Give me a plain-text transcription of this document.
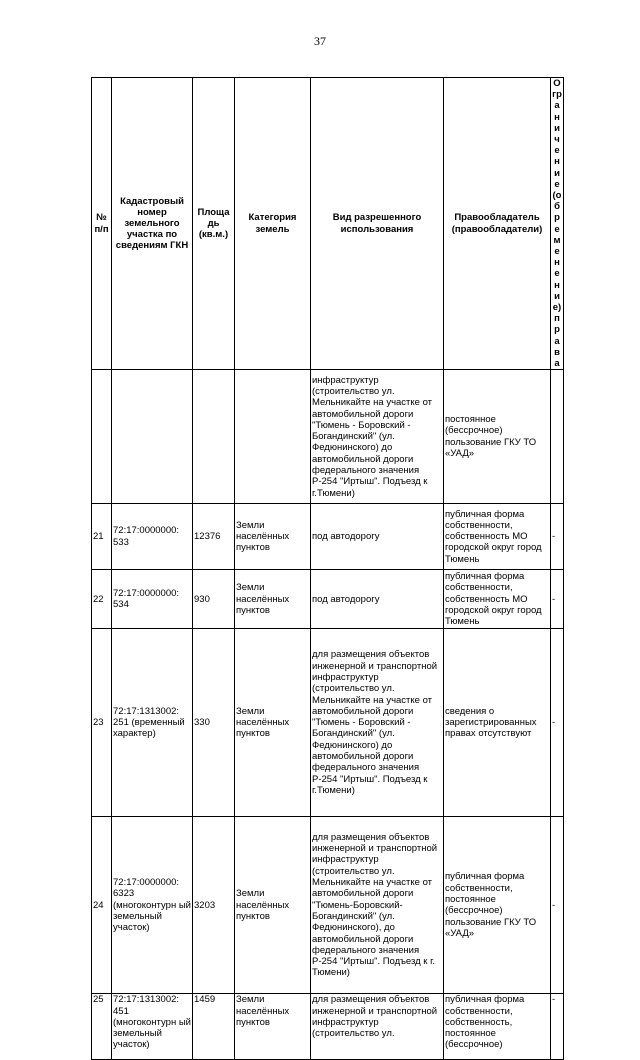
37
№ п/п	Кадастровый номер земельного участка по сведениям ГКН	Площа дь (кв.м.)	Категория земель	Вид разрешенного использования	Правообладатель (правообладатели)	Ограничени е (обременен ие) права
				инфраструктур (строительство ул. Мельникайте на участке от автомобильной дороги "Тюмень - Боровский - Богандинский" (ул. Федюнинского) до автомобильной дороги федерального значения Р-254 "Иртыш". Подъезд к г.Тюмени)	постоянное (бессрочное) пользование ГКУ ТО «УАД»	
21	72:17:0000000: 533	12376	Земли населённых пунктов	под автодорогу	публичная форма собственности, собственность МО городской округ город Тюмень	-
22	72:17:0000000: 534	930	Земли населённых пунктов	под автодорогу	публичная форма собственности, собственность МО городской округ город Тюмень	-
23	72:17:1313002: 251 (временный характер)	330	Земли населённых пунктов	для размещения объектов инженерной и транспортной инфраструктур (строительство ул. Мельникайте на участке от автомобильной дороги "Тюмень - Боровский - Богандинский" (ул. Федюнинского) до автомобильной дороги федерального значения Р-254 "Иртыш". Подъезд к г.Тюмени)	сведения о зарегистрированных правах отсутствуют	-
24	72:17:0000000: 6323 (многоконтурн ый земельный участок)	3203	Земли населённых пунктов	для размещения объектов инженерной и транспортной инфраструктур (строительство ул. Мельникайте на участке от автомобильной дороги "Тюмень-Боровский-Богандинский" (ул. Федюнинского), до автомобильной дороги федерального значения Р-254 "Иртыш". Подъезд к г. Тюмени)	публичная форма собственности, постоянное (бессрочное) пользование ГКУ ТО «УАД»	-
25	72:17:1313002: 451 (многоконтурн ый земельный участок)	1459	Земли населённых пунктов	для размещения объектов инженерной и транспортной инфраструктур (строительство ул.	публичная форма собственности, собственность, постоянное (бессрочное)	-
